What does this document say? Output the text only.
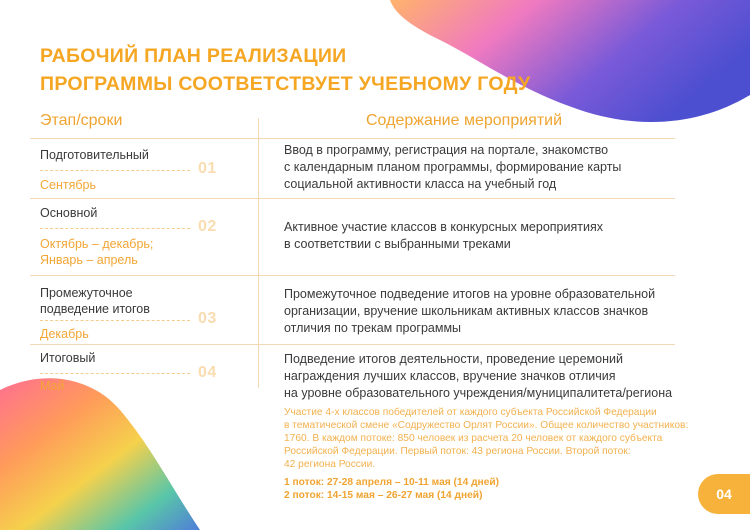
РАБОЧИЙ ПЛАН РЕАЛИЗАЦИИ
ПРОГРАММЫ СООТВЕТСТВУЕТ УЧЕБНОМУ ГОДУ
Этап/сроки	Содержание мероприятий
Подготовительный
01
Сентябрь
Ввод в программу, регистрация на портале, знакомство
с календарным планом программы, формирование карты
социальной активности класса на учебный год
Основной
02
Октябрь – декабрь;
Январь – апрель
Активное участие классов в конкурсных мероприятиях
в соответствии с выбранными треками
Промежуточное
подведение итогов
03
Декабрь
Промежуточное подведение итогов на уровне образовательной
организации, вручение школьникам активных классов значков
отличия по трекам программы
Итоговый
04
Май
Подведение итогов деятельности, проведение церемоний
награждения лучших классов, вручение значков отличия
на уровне образовательного учреждения/муниципалитета/региона
Участие 4-х классов победителей от каждого субъекта Российской Федерации
в тематической смене «Содружество Орлят России». Общее количество участников:
1760. В каждом потоке: 850 человек из расчета 20 человек от каждого субъекта
Российской Федерации. Первый поток: 43 региона России. Второй поток:
42 региона России.
1 поток: 27-28 апреля – 10-11 мая (14 дней)
2 поток: 14-15 мая – 26-27 мая (14 дней)	04
